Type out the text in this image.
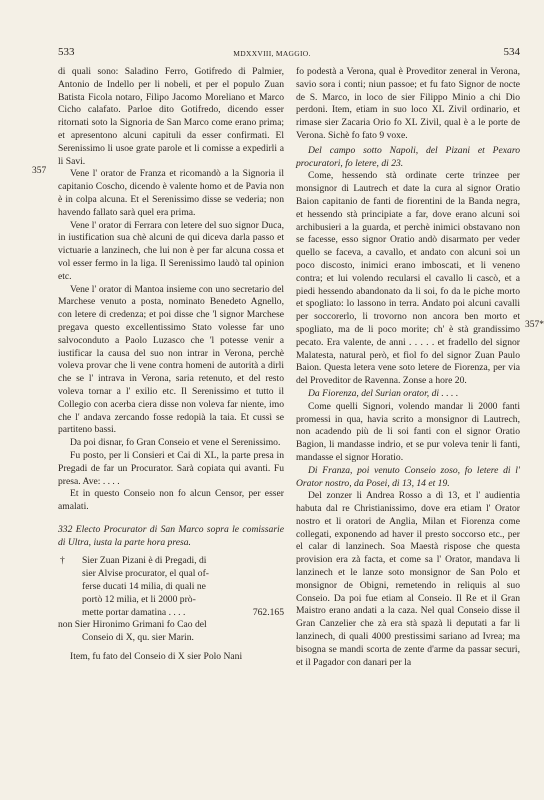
533	MDXXVIII, MAGGIO.	534
357
357*

di quali sono: Saladino Ferro, Gotifredo di Palmier, Antonio de Indello per li nobeli, et per el populo Zuan Batista Ficola notaro, Filipo Jacomo Moreliano et Marco Cicho calafato. Parloe dito Gotifredo, dicendo esser ritornati soto la Signoria de San Marco come erano prima; et apresentono alcuni capituli da esser confirmati. El Serenissimo li usoe grate parole et li comisse a expedirli a li Savi.

Vene l' orator de Franza et ricomandò a la Signoria il capitanio Coscho, dicendo è valente homo et de Pavia non è in colpa alcuna. Et el Serenissimo disse se vederia; non havendo fallato sarà quel era prima.

Vene l' orator di Ferrara con letere del suo signor Duca, in iustification sua chè alcuni de qui diceva darla passo et victuarie a lanzinech, che lui non è per far alcuna cossa et vol esser fermo in la liga. Il Serenissimo laudò tal opinion etc.

Vene l' orator di Mantoa insieme con uno secretario del Marchese venuto a posta, nominato Benedeto Agnello, con letere di credenza; et poi disse che 'l signor Marchese pregava questo excellentissimo Stato volesse far uno salvoconduto a Paolo Luzasco che 'l potesse venir a iustificar la causa del suo non intrar in Verona, perchè voleva provar che li vene contra homeni de autorità a dirli che se l' intrava in Verona, saria retenuto, et del resto voleva tornar a l' exilio etc. Il Serenissimo et tutto il Collegio con acerba ciera disse non voleva far niente, imo che l' andava zercando fosse redopià la taia. Et cussì se partiteno bassi.

Da poi disnar, fo Gran Conseio et vene el Serenissimo.

Fu posto, per li Consieri et Cai di XL, la parte presa in Pregadi de far un Procurator. Sarà copiata qui avanti. Fu presa. Ave: . . . .

Et in questo Conseio non fo alcun Censor, per esser amalati.

332 Electo Procurator di San Marco sopra le comissarie di Ultra, iusta la parte hora presa.

† Sier Zuan Pizani è di Pregadi, di

sier Alvise procurator, el qual of-

ferse ducati 14 milia, di quali ne

portò 12 milia, et li 2000 prò-

mette portar damatina . . . .	762.165

non Sier Hironimo Grimani fo Cao del

Conseio di X, qu. sier Marin.

Item, fu fato del Conseio di X sier Polo Nani

fo podestà a Verona, qual è Proveditor zeneral in Verona, savio sora i conti; niun passoe; et fu fato Signor de nocte de S. Marco, in loco de sier Filippo Minio a chi Dio perdoni. Item, etiam in suo loco XL Zivil ordinario, et rimase sier Zacaria Orio fo XL Zivil, qual è a le porte de Verona. Sichè fo fato 9 voxe.

Del campo sotto Napoli, del Pizani et Pexaro procuratori, fo letere, di 23.

Come, hessendo stà ordinate certe trinzee per monsignor di Lautrech et date la cura al signor Oratio Baion capitanio de fanti de fiorentini de la Banda negra, et hessendo stà principiate a far, dove erano alcuni soi archibusieri a la guarda, et perchè inimici obstavano non se facesse, esso signor Oratio andò disarmato per veder quello se faceva, a cavallo, et andato con alcuni soi un poco discosto, inimici erano imboscati, et li veneno contra; et lui volendo recularsi el cavallo li cascò, et a piedi hessendo abandonato da li soi, fo da le piche morto et spogliato: lo lassono in terra. Andato poi alcuni cavalli per soccorerlo, li trovorno non ancora ben morto et spogliato, ma de li poco morite; ch' è stà grandissimo pecato. Era valente, de anni . . . . . et fradello del signor Malatesta, natural però, et fiol fo del signor Zuan Paulo Baion. Questa letera vene soto letere de Fiorenza, per via del Proveditor de Ravenna. Zonse a hore 20.

Da Fiorenza, del Surian orator, di . . . .

Come quelli Signori, volendo mandar li 2000 fanti promessi in qua, havia scrito a monsignor di Lautrech, non acadendo più de li soi fanti con el signor Oratio Bagion, li mandasse indrio, et se pur voleva tenir li fanti, mandasse el signor Horatio.

Di Franza, poi venuto Conseio zoso, fo letere di l' Orator nostro, da Posei, di 13, 14 et 19.

Del zonzer li Andrea Rosso a dì 13, et l' audientia habuta dal re Christianissimo, dove era etiam l' Orator nostro et li oratori de Anglia, Milan et Fiorenza come collegati, exponendo ad haver il presto soccorso etc., per el calar di lanzinech. Soa Maestà rispose che questa provision era zà facta, et come sa l' Orator, mandava li lanzinech et le lanze soto monsignor de San Polo et monsignor de Obigni, remetendo in reliquis al suo Conseio. Da poi fue etiam al Conseio. Il Re et il Gran Maistro erano andati a la caza. Nel qual Conseio disse il Gran Canzelier che zà era stà spazà li deputati a far li lanzinech, di quali 4000 prestissimi sariano ad Ivrea; ma bisogna se mandi scorta de zente d'arme da passar securi, et il Pagador con danari per la
